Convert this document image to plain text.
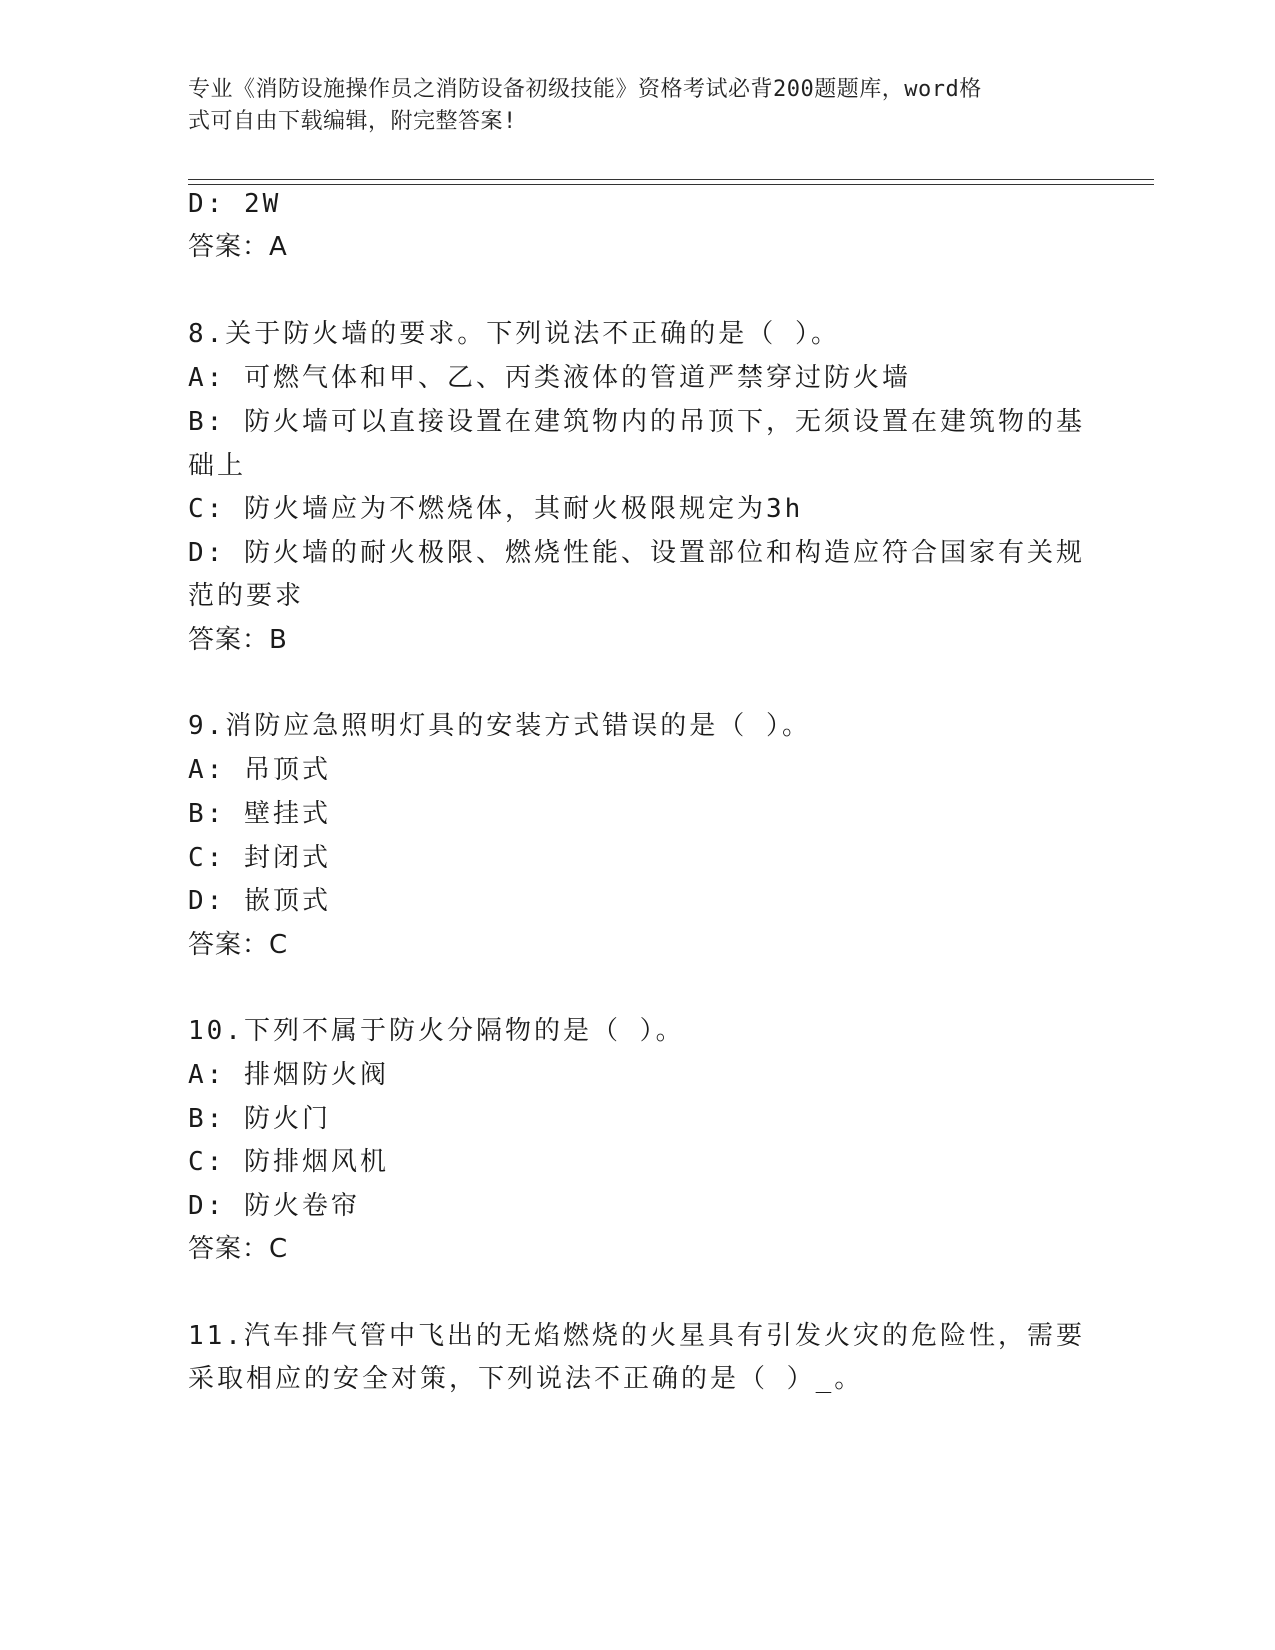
专业《消防设施操作员之消防设备初级技能》资格考试必背200题题库，word格
式可自由下载编辑，附完整答案!
D: 2W
答案：A
8.关于防火墙的要求。下列说法不正确的是（ ）。
A: 可燃气体和甲、乙、丙类液体的管道严禁穿过防火墙
B: 防火墙可以直接设置在建筑物内的吊顶下，无须设置在建筑物的基
础上
C: 防火墙应为不燃烧体，其耐火极限规定为3h
D: 防火墙的耐火极限、燃烧性能、设置部位和构造应符合国家有关规
范的要求
答案：B
9.消防应急照明灯具的安装方式错误的是（ ）。
A: 吊顶式
B: 壁挂式
C: 封闭式
D: 嵌顶式
答案：C
10.下列不属于防火分隔物的是（ ）。
A: 排烟防火阀
B: 防火门
C: 防排烟风机
D: 防火卷帘
答案：C
11.汽车排气管中飞出的无焰燃烧的火星具有引发火灾的危险性，需要
采取相应的安全对策，下列说法不正确的是（ ）_。
